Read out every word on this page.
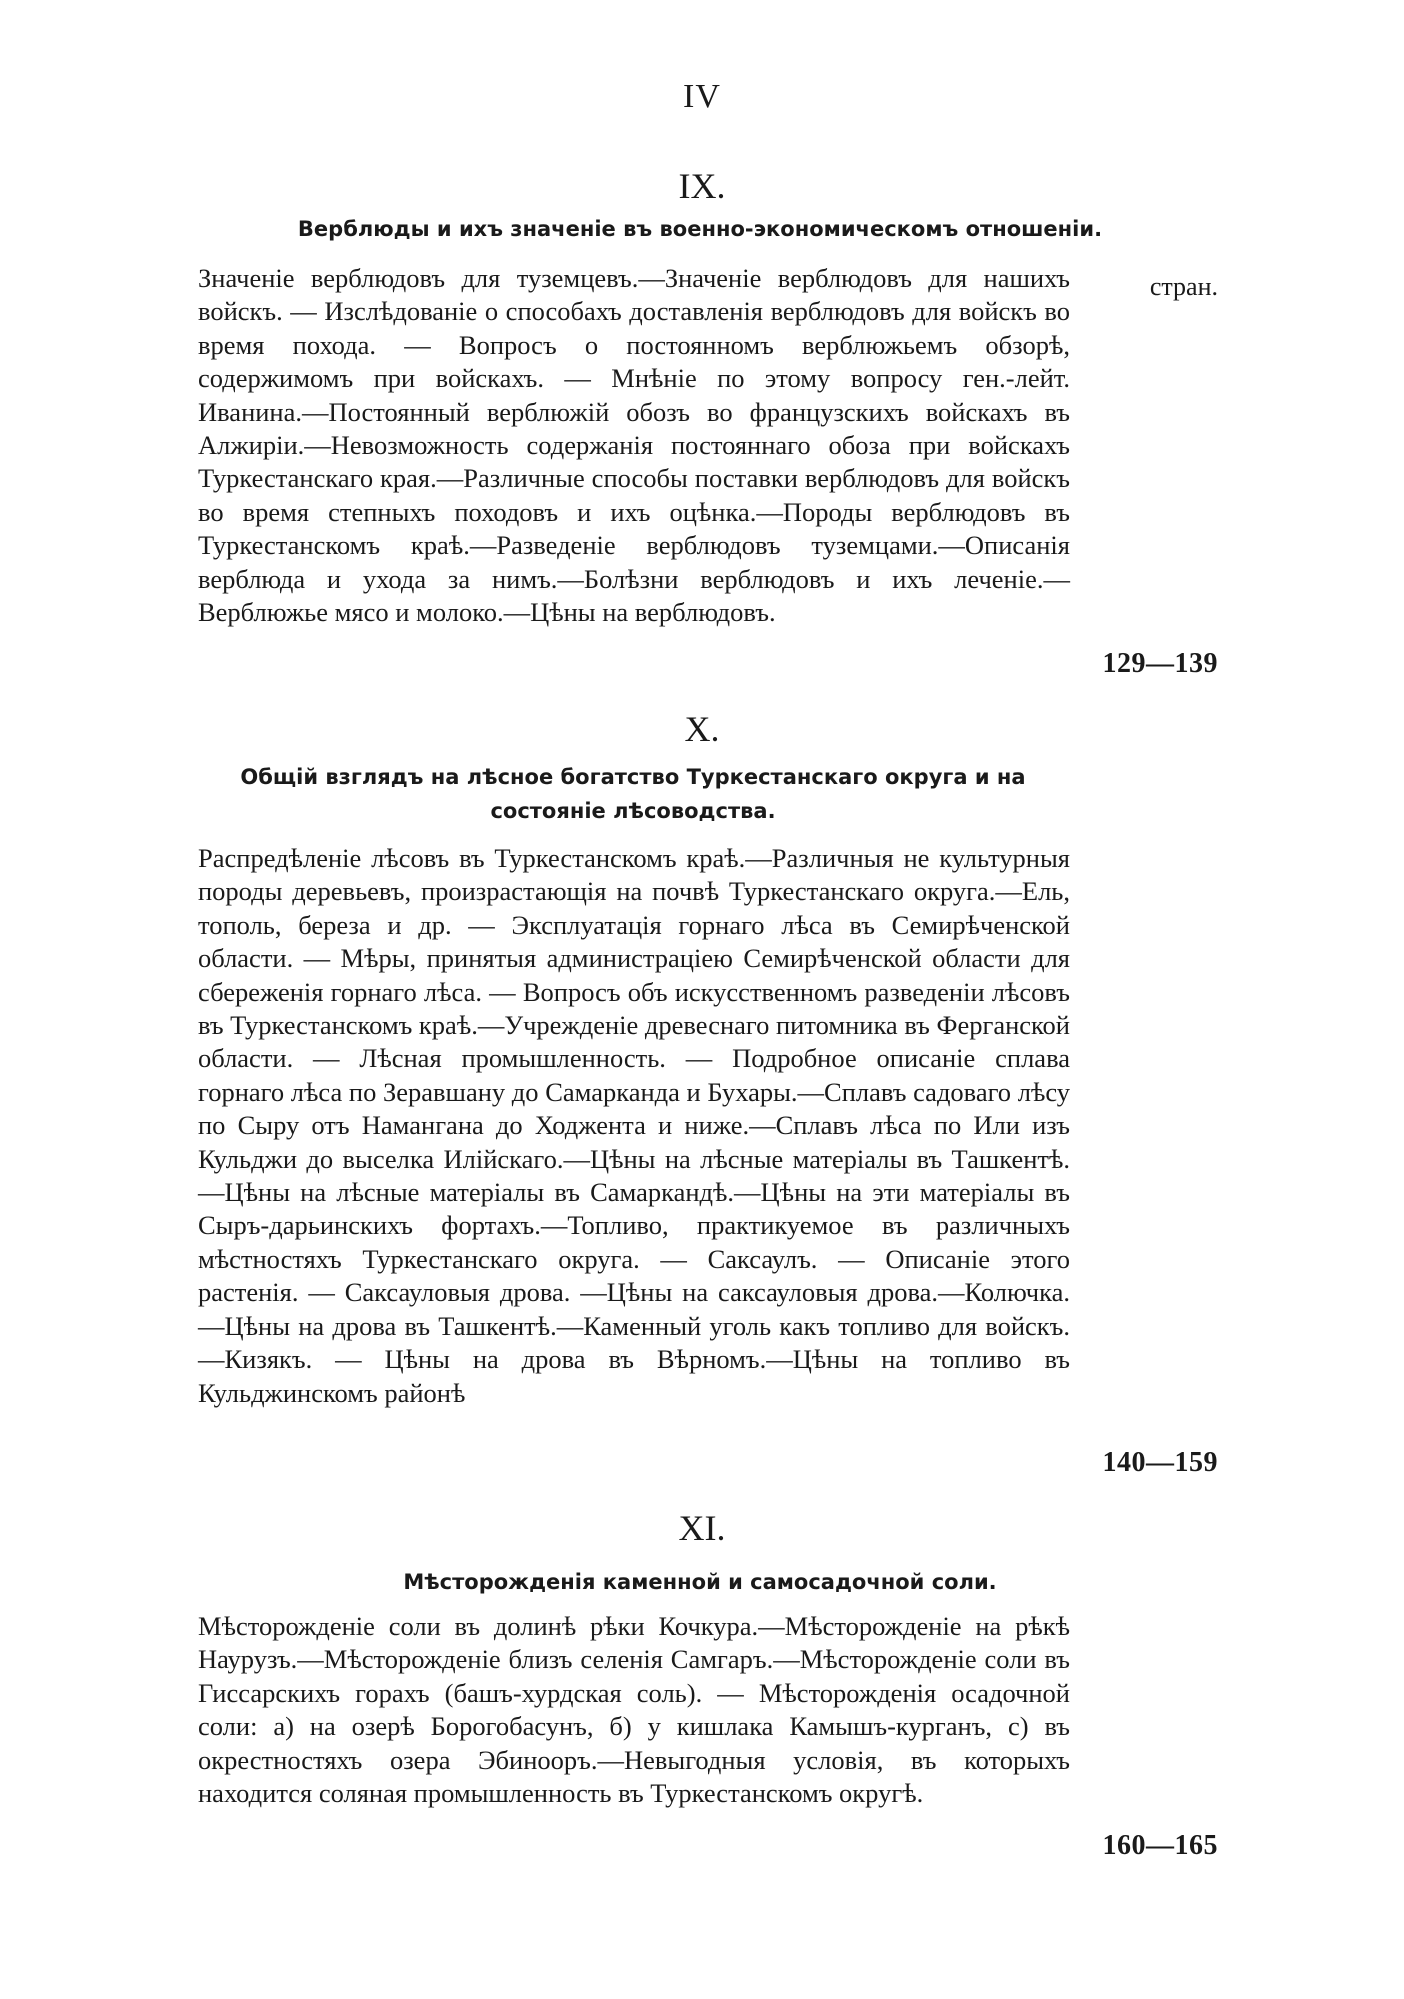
IV
стран.
IX.
Верблюды и ихъ значеніе въ военно-экономическомъ отношеніи.
Значеніе верблюдовъ для туземцевъ.—Значеніе верблюдовъ для нашихъ войскъ. — Изслѣдованіе о способахъ доставленія верблюдовъ для войскъ во время похода. — Вопросъ о постоянномъ верблюжьемъ обзорѣ, содержимомъ при войскахъ. — Мнѣніе по этому вопросу ген.-лейт. Иванина.—Постоянный верблюжій обозъ во французскихъ войскахъ въ Алжиріи.—Невозможность содержанія постояннаго обоза при войскахъ Туркестанскаго края.—Различные способы поставки верблюдовъ для войскъ во время степныхъ походовъ и ихъ оцѣнка.—Породы верблюдовъ въ Туркестанскомъ краѣ.—Разведеніе верблюдовъ туземцами.—Описанія верблюда и ухода за нимъ.—Болѣзни верблюдовъ и ихъ леченіе.—Верблюжье мясо и молоко.—Цѣны на верблюдовъ.
129—139
X.
Общій взглядъ на лѣсное богатство Туркестанскаго округа и на состояніе лѣсоводства.
Распредѣленіе лѣсовъ въ Туркестанскомъ краѣ.—Различныя не культурныя породы деревьевъ, произрастающія на почвѣ Туркестанскаго округа.—Ель, тополь, береза и др. — Эксплуатація горнаго лѣса въ Семирѣченской области. — Мѣры, принятыя администраціею Семирѣченской области для сбереженія горнаго лѣса. — Вопросъ объ искусственномъ разведеніи лѣсовъ въ Туркестанскомъ краѣ.—Учрежденіе древеснаго питомника въ Ферганской области. — Лѣсная промышленность. — Подробное описаніе сплава горнаго лѣса по Зеравшану до Самарканда и Бухары.—Сплавъ садоваго лѣсу по Сыру отъ Намангана до Ходжента и ниже.—Сплавъ лѣса по Или изъ Кульджи до выселка Илійскаго.—Цѣны на лѣсные матеріалы въ Ташкентѣ.—Цѣны на лѣсные матеріалы въ Самаркандѣ.—Цѣны на эти матеріалы въ Сыръ-дарьинскихъ фортахъ.—Топливо, практикуемое въ различныхъ мѣстностяхъ Туркестанскаго округа. — Саксаулъ. — Описаніе этого растенія. — Саксауловыя дрова. —Цѣны на саксауловыя дрова.—Колючка.—Цѣны на дрова въ Ташкентѣ.—Каменный уголь какъ топливо для войскъ.—Кизякъ. — Цѣны на дрова въ Вѣрномъ.—Цѣны на топливо въ Кульджинскомъ районѣ
140—159
XI.
Мѣсторожденія каменной и самосадочной соли.
Мѣсторожденіе соли въ долинѣ рѣки Кочкура.—Мѣсторожденіе на рѣкѣ Наурузъ.—Мѣсторожденіе близъ селенія Самгаръ.—Мѣсторожденіе соли въ Гиссарскихъ горахъ (башъ-хурдская соль). — Мѣсторожденія осадочной соли: а) на озерѣ Борогобасунъ, б) у кишлака Камышъ-курганъ, с) въ окрестностяхъ озера Эбинооръ.—Невыгодныя условія, въ которыхъ находится соляная промышленность въ Туркестанскомъ округѣ.
160—165
